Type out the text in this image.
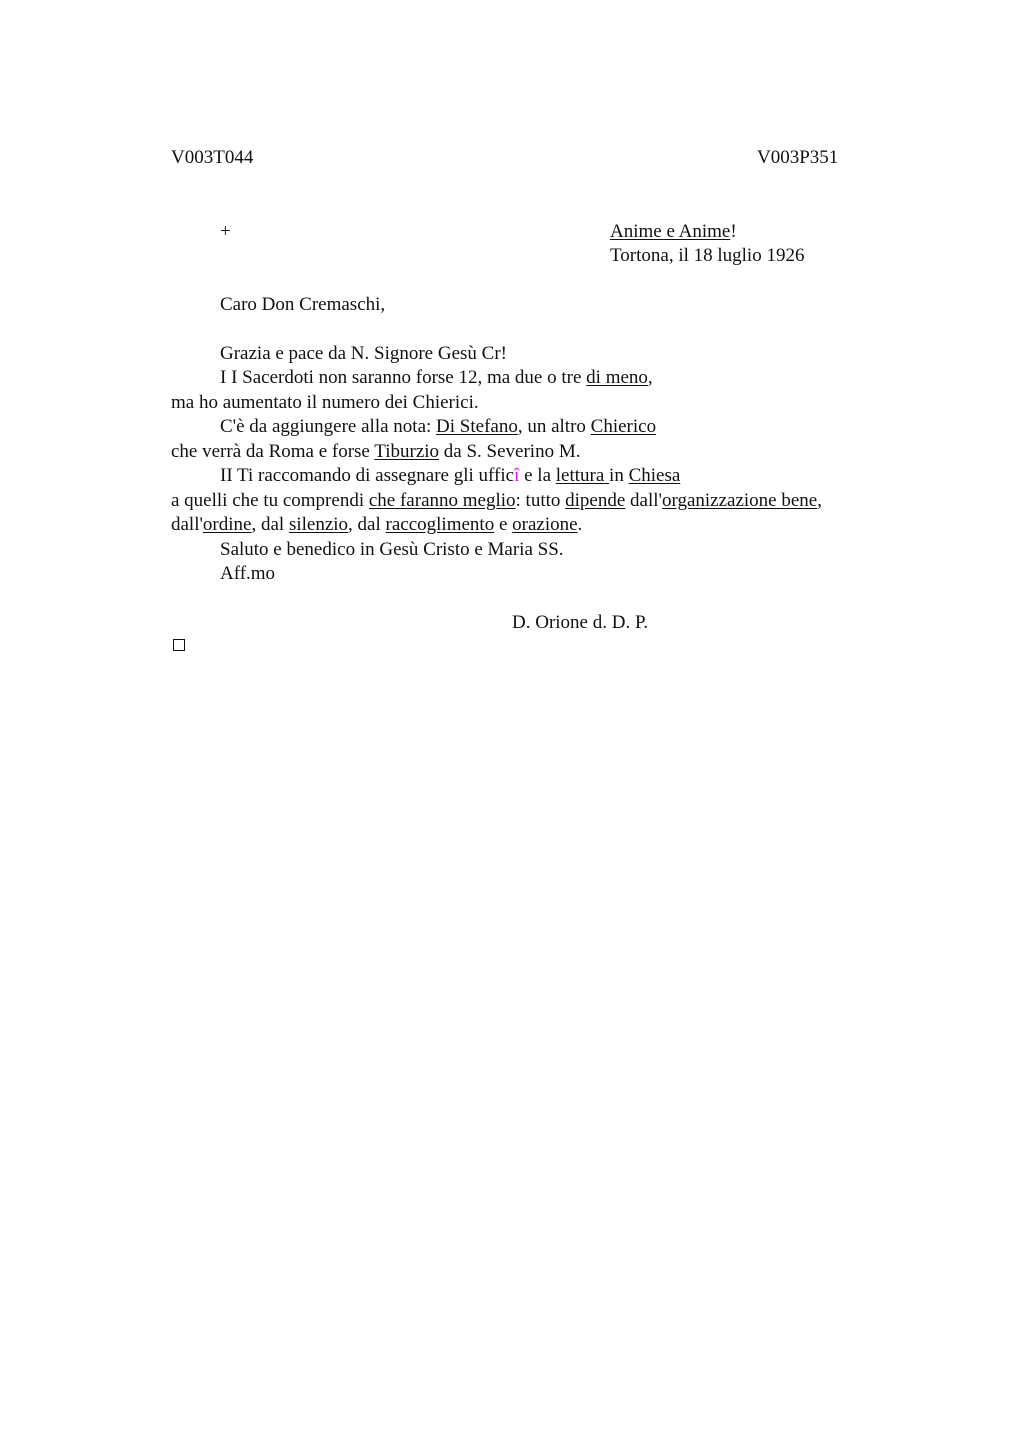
V003T044	V003P351
+	Anime e Anime!
Tortona, il 18 luglio 1926
Caro Don Cremaschi,
Grazia e pace da N. Signore Gesù Cr!
I I Sacerdoti non saranno forse 12, ma due o tre di meno,
ma ho aumentato il numero dei Chierici.
C'è da aggiungere alla nota: Di Stefano, un altro Chierico
che verrà da Roma e forse Tiburzio da S. Severino M.
II Ti raccomando di assegnare gli ufficî e la lettura in Chiesa
a quelli che tu comprendi che faranno meglio: tutto dipende dall'organizzazione bene,
dall'ordine, dal silenzio, dal raccoglimento e orazione.
Saluto e benedico in Gesù Cristo e Maria SS.
Aff.mo
D. Orione d. D. P.
